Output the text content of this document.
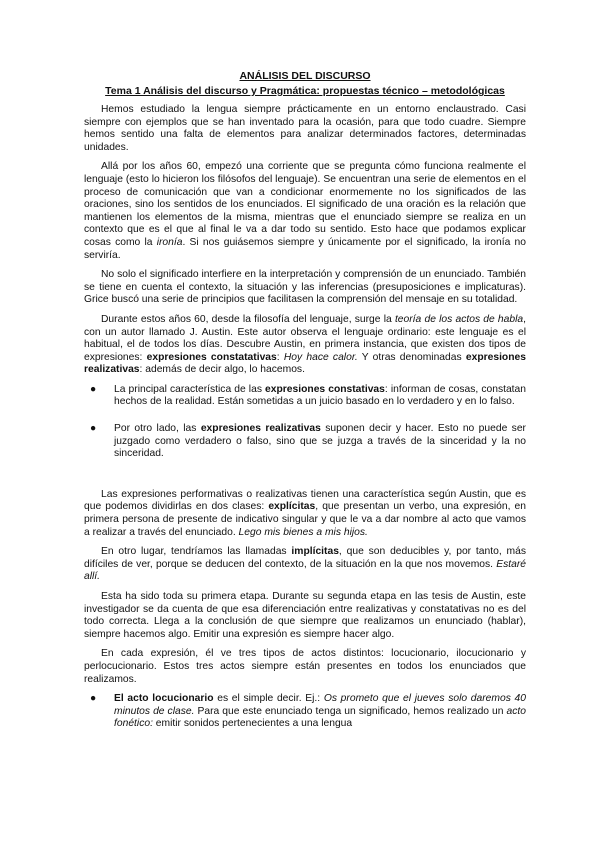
ANÁLISIS DEL DISCURSO
Tema 1 Análisis del discurso y Pragmática: propuestas técnico – metodológicas

Hemos estudiado la lengua siempre prácticamente en un entorno enclaustrado. Casi siempre con ejemplos que se han inventado para la ocasión, para que todo cuadre. Siempre hemos sentido una falta de elementos para analizar determinados factores, determinadas unidades.

Allá por los años 60, empezó una corriente que se pregunta cómo funciona realmente el lenguaje (esto lo hicieron los filósofos del lenguaje). Se encuentran una serie de elementos en el proceso de comunicación que van a condicionar enormemente no los significados de las oraciones, sino los sentidos de los enunciados. El significado de una oración es la relación que mantienen los elementos de la misma, mientras que el enunciado siempre se realiza en un contexto que es el que al final le va a dar todo su sentido. Esto hace que podamos explicar cosas como la ironía. Si nos guiásemos siempre y únicamente por el significado, la ironía no serviría.

No solo el significado interfiere en la interpretación y comprensión de un enunciado. También se tiene en cuenta el contexto, la situación y las inferencias (presuposiciones e implicaturas). Grice buscó una serie de principios que facilitasen la comprensión del mensaje en su totalidad.

Durante estos años 60, desde la filosofía del lenguaje, surge la teoría de los actos de habla, con un autor llamado J. Austin. Este autor observa el lenguaje ordinario: este lenguaje es el habitual, el de todos los días. Descubre Austin, en primera instancia, que existen dos tipos de expresiones: expresiones constatativas: Hoy hace calor. Y otras denominadas expresiones realizativas: además de decir algo, lo hacemos.

● La principal característica de las expresiones constativas: informan de cosas, constatan hechos de la realidad. Están sometidas a un juicio basado en lo verdadero y en lo falso.
● Por otro lado, las expresiones realizativas suponen decir y hacer. Esto no puede ser juzgado como verdadero o falso, sino que se juzga a través de la sinceridad y la no sinceridad.

Las expresiones performativas o realizativas tienen una característica según Austin, que es que podemos dividirlas en dos clases: explícitas, que presentan un verbo, una expresión, en primera persona de presente de indicativo singular y que le va a dar nombre al acto que vamos a realizar a través del enunciado. Lego mis bienes a mis hijos.

En otro lugar, tendríamos las llamadas implícitas, que son deducibles y, por tanto, más difíciles de ver, porque se deducen del contexto, de la situación en la que nos movemos. Estaré allí.

Esta ha sido toda su primera etapa. Durante su segunda etapa en las tesis de Austin, este investigador se da cuenta de que esa diferenciación entre realizativas y constatativas no es del todo correcta. Llega a la conclusión de que siempre que realizamos un enunciado (hablar), siempre hacemos algo. Emitir una expresión es siempre hacer algo.

En cada expresión, él ve tres tipos de actos distintos: locucionario, ilocucionario y perlocucionario. Estos tres actos siempre están presentes en todos los enunciados que realizamos.

● El acto locucionario es el simple decir. Ej.: Os prometo que el jueves solo daremos 40 minutos de clase. Para que este enunciado tenga un significado, hemos realizado un acto fonético: emitir sonidos pertenecientes a una lengua
